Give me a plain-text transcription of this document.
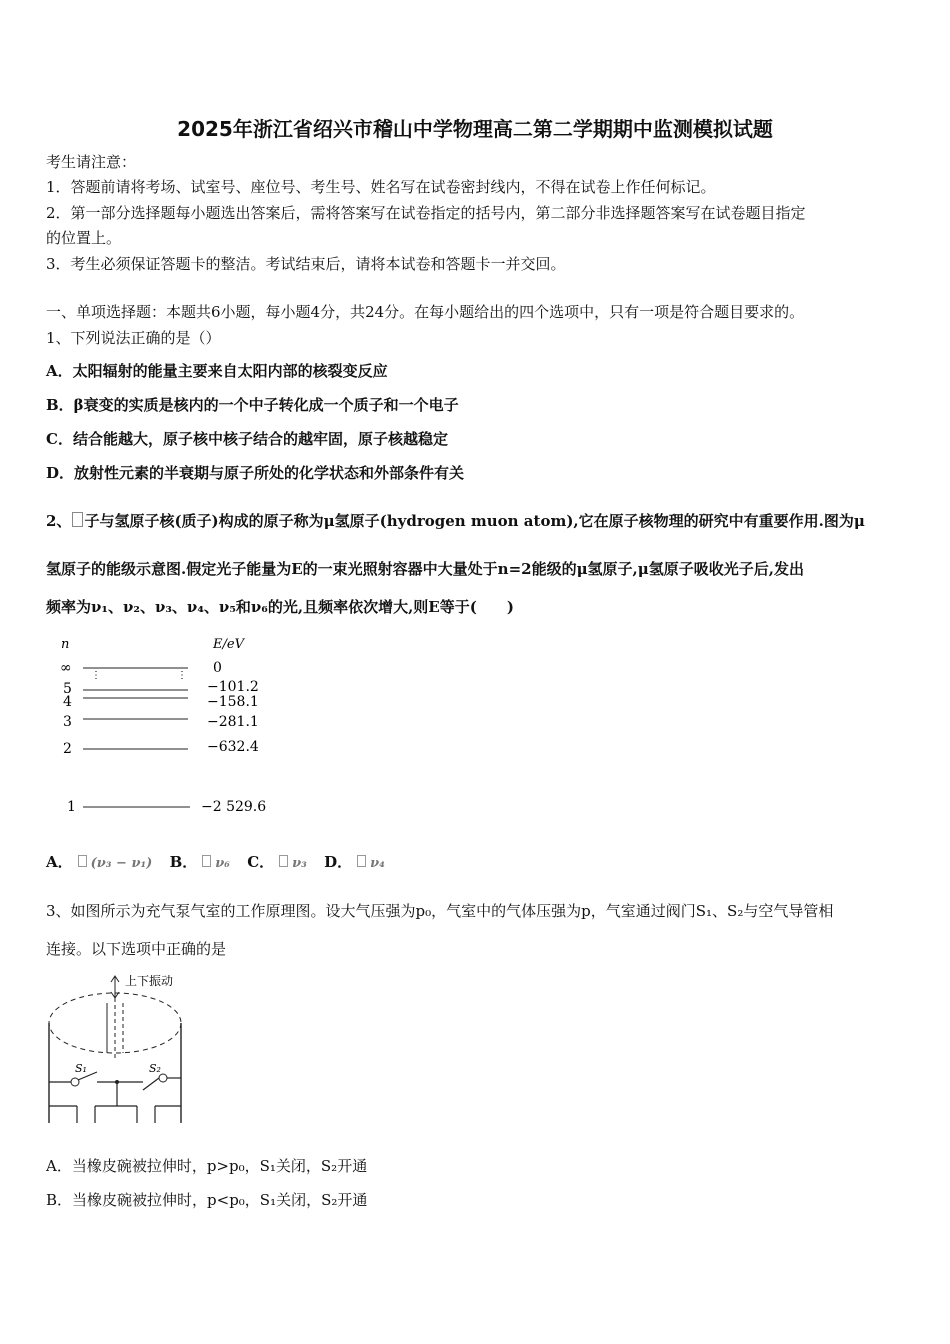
2025年浙江省绍兴市稽山中学物理高二第二学期期中监测模拟试题
考生请注意：
1．答题前请将考场、试室号、座位号、考生号、姓名写在试卷密封线内，不得在试卷上作任何标记。
2．第一部分选择题每小题选出答案后，需将答案写在试卷指定的括号内，第二部分非选择题答案写在试卷题目指定
的位置上。
3．考生必须保证答题卡的整洁。考试结束后，请将本试卷和答题卡一并交回。
一、单项选择题：本题共6小题，每小题4分，共24分。在每小题给出的四个选项中，只有一项是符合题目要求的。
1、下列说法正确的是（）
A．太阳辐射的能量主要来自太阳内部的核裂变反应
B．β衰变的实质是核内的一个中子转化成一个质子和一个电子
C．结合能越大，原子核中核子结合的越牢固，原子核越稳定
D．放射性元素的半衰期与原子所处的化学状态和外部条件有关
2、 子与氢原子核(质子)构成的原子称为μ氢原子(hydrogen muon atom),它在原子核物理的研究中有重要作用.图为μ
氢原子的能级示意图.假定光子能量为E的一束光照射容器中大量处于n=2能级的μ氢原子,μ氢原子吸收光子后,发出
频率为ν₁、ν₂、ν₃、ν₄、ν₅和ν₆的光,且频率依次增大,则E等于(　　)
n	E/eV
∞	0
⋮	⋮
5	−101.2
4	−158.1
3	−281.1
2	−632.4
1	−2 529.6
A． (ν₃ − ν₁) B． ν₆ C． ν₃ D． ν₄
3、如图所示为充气泵气室的工作原理图。设大气压强为p₀，气室中的气体压强为p，气室通过阀门S₁、S₂与空气导管相
连接。以下选项中正确的是
上下振动
S₁	S₂
A．当橡皮碗被拉伸时，p>p₀，S₁关闭，S₂开通
B．当橡皮碗被拉伸时，p<p₀，S₁关闭，S₂开通
